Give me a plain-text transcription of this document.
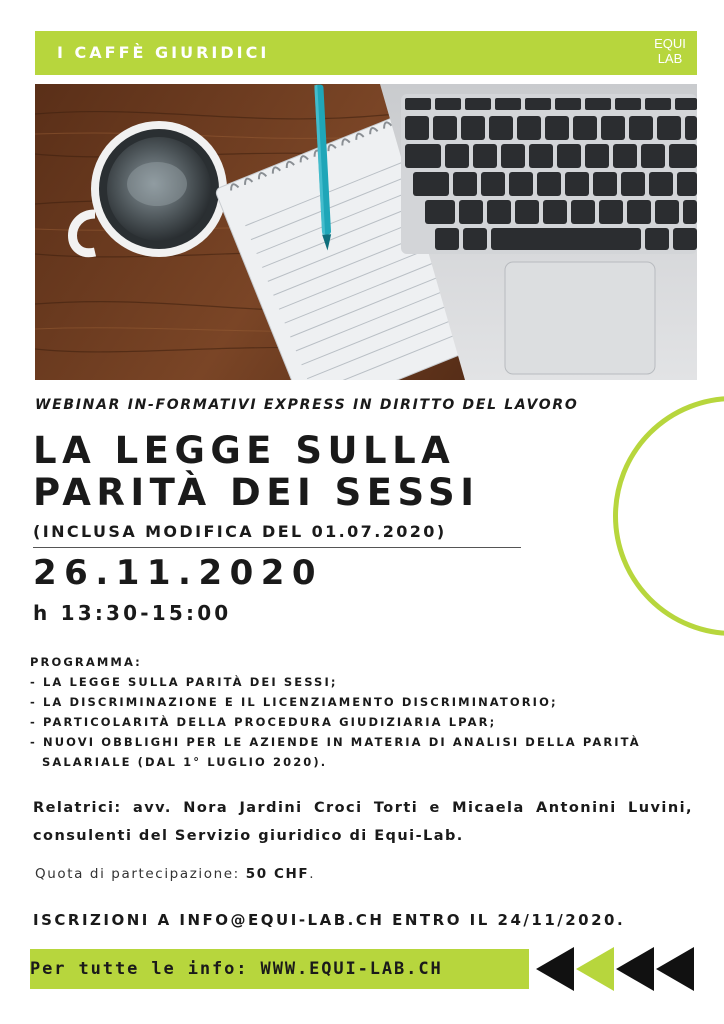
I CAFFÈ GIURIDICI	EQUI
LAB
WEBINAR IN-FORMATIVI EXPRESS IN DIRITTO DEL LAVORO
LA LEGGE SULLA
PARITÀ DEI SESSI
(INCLUSA MODIFICA DEL 01.07.2020)
26.11.2020
h 13:30-15:00
PROGRAMMA:
- LA LEGGE SULLA PARITÀ DEI SESSI;
- LA DISCRIMINAZIONE E IL LICENZIAMENTO DISCRIMINATORIO;
- PARTICOLARITÀ DELLA PROCEDURA GIUDIZIARIA LPAR;
- NUOVI OBBLIGHI PER LE AZIENDE IN MATERIA DI ANALISI DELLA PARITÀ
SALARIALE (DAL 1° LUGLIO 2020).
Relatrici: avv. Nora Jardini Croci Torti e Micaela Antonini Luvini, consulenti del Servizio giuridico di Equi-Lab.
Quota di partecipazione: 50 CHF.
ISCRIZIONI A INFO@EQUI-LAB.CH ENTRO IL 24/11/2020.
Per tutte le info: WWW.EQUI-LAB.CH
